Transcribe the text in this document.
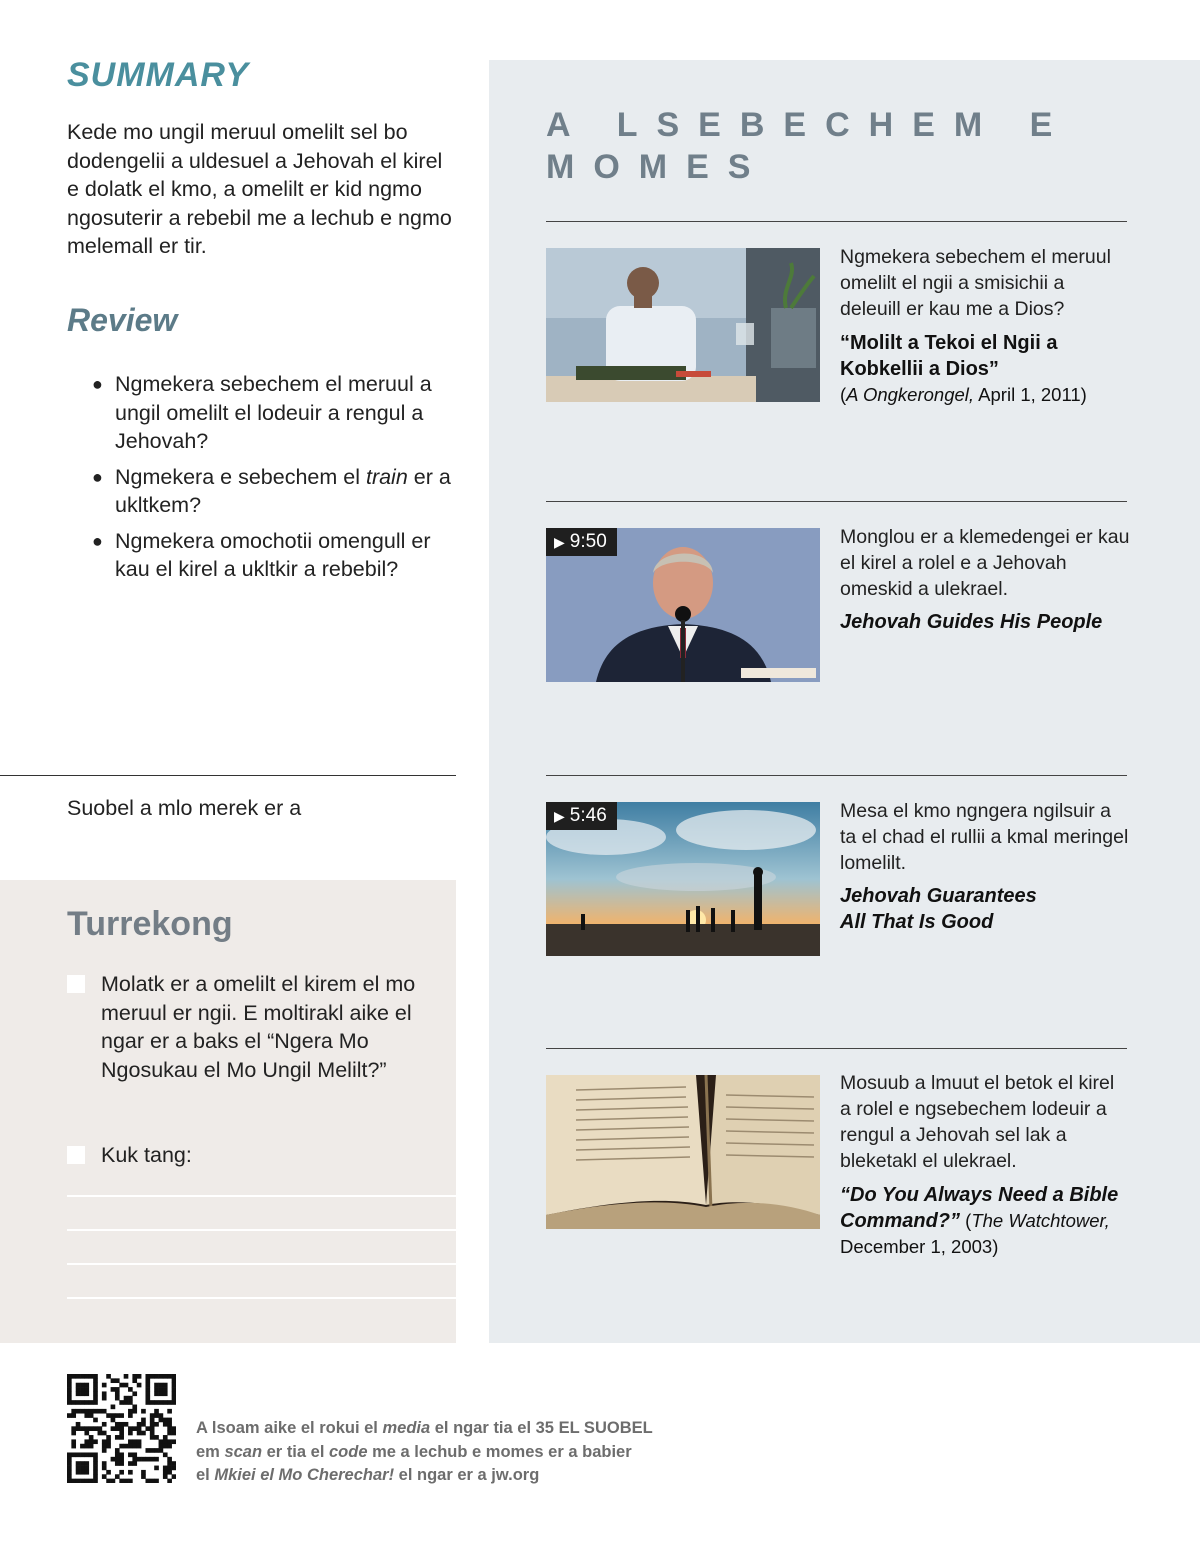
SUMMARY
Kede mo ungil meruul omelilt sel bo dodengelii a uldesuel a Jehovah el kirel e dolatk el kmo, a omelilt er kid ngmo ngosuterir a rebebil me a lechub e ngmo melemall er tir.
Review
● Ngmekera sebechem el meruul a ungil omelilt el lodeuir a rengul a Jehovah?
● Ngmekera e sebechem el train er a ukltkem?
● Ngmekera omochotii omengull er kau el kirel a ukltkir a rebebil?
Suobel a mlo merek er a
Turrekong
Molatk er a omelilt el kirem el mo meruul er ngii. E moltirakl aike el ngar er a baks el “Ngera Mo Ngosukau el Mo Ungil Melilt?”
Kuk tang:
A LSEBECHEM E MOMES
Ngmekera sebechem el meruul omelilt el ngii a smisichii a deleuill er kau me a Dios?
“Molilt a Tekoi el Ngii a Kobkellii a Dios”
(A Ongkerongel, April 1, 2011)
▶ 9:50	Monglou er a klemedengei er kau el kirel a rolel e a Jehovah omeskid a ulekrael.
Jehovah Guides His People
▶ 5:46	Mesa el kmo ngngera ngilsuir a ta el chad el rullii a kmal meringel lomelilt.
Jehovah Guarantees All That Is Good
Mosuub a lmuut el betok el kirel a rolel e ngsebechem lodeuir a rengul a Jehovah sel lak a bleketakl el ulekrael.
“Do You Always Need a Bible Command?” (The Watchtower, December 1, 2003)
A lsoam aike el rokui el media el ngar tia el 35 EL SUOBEL
em scan er tia el code me a lechub e momes er a babier
el Mkiei el Mo Cherechar! el ngar er a jw.org
